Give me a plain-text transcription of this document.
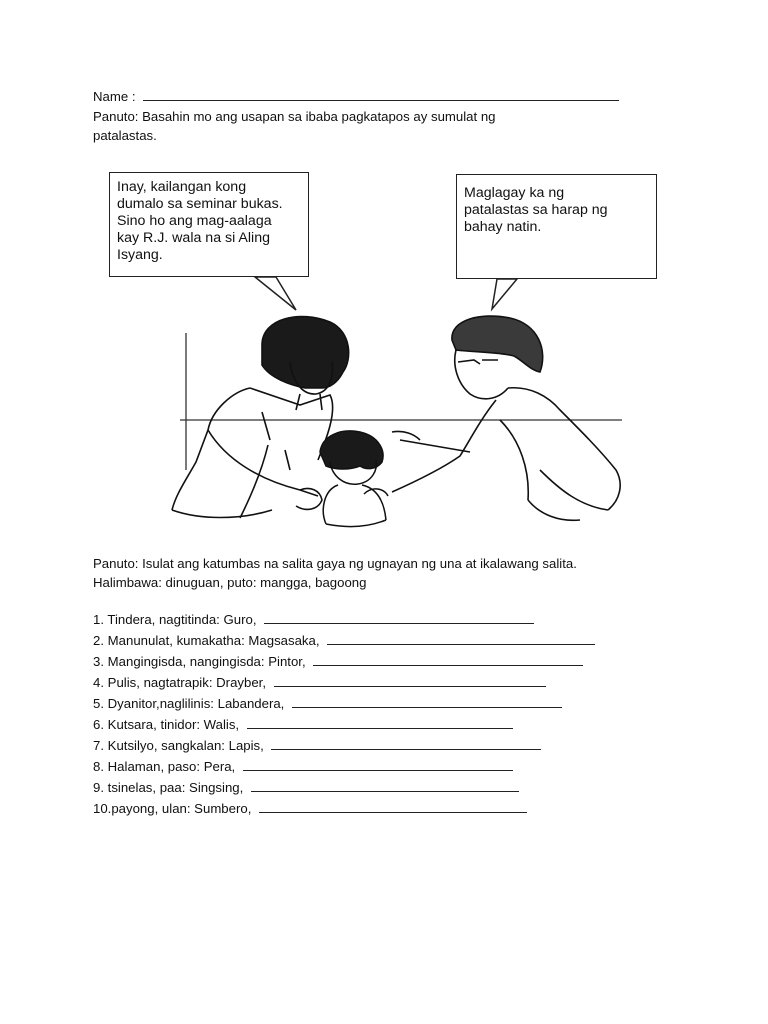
Name :
Panuto: Basahin mo ang usapan sa ibaba pagkatapos ay sumulat ng
patalastas.
Inay, kailangan kong
dumalo sa seminar bukas.
Sino ho ang mag-aalaga
kay R.J. wala na si Aling
Isyang.
Maglagay ka ng
patalastas sa harap ng
bahay natin.
Panuto: Isulat ang katumbas na salita gaya ng ugnayan ng una at ikalawang salita.
Halimbawa: dinuguan, puto: mangga, bagoong
1. Tindera, nagtitinda: Guro,
2. Manunulat, kumakatha: Magsasaka,
3. Mangingisda, nangingisda: Pintor,
4. Pulis, nagtatrapik: Drayber,
5. Dyanitor,naglilinis: Labandera,
6. Kutsara, tinidor: Walis,
7. Kutsilyo, sangkalan: Lapis,
8. Halaman, paso: Pera,
9. tsinelas, paa: Singsing,
10.payong, ulan: Sumbero,
